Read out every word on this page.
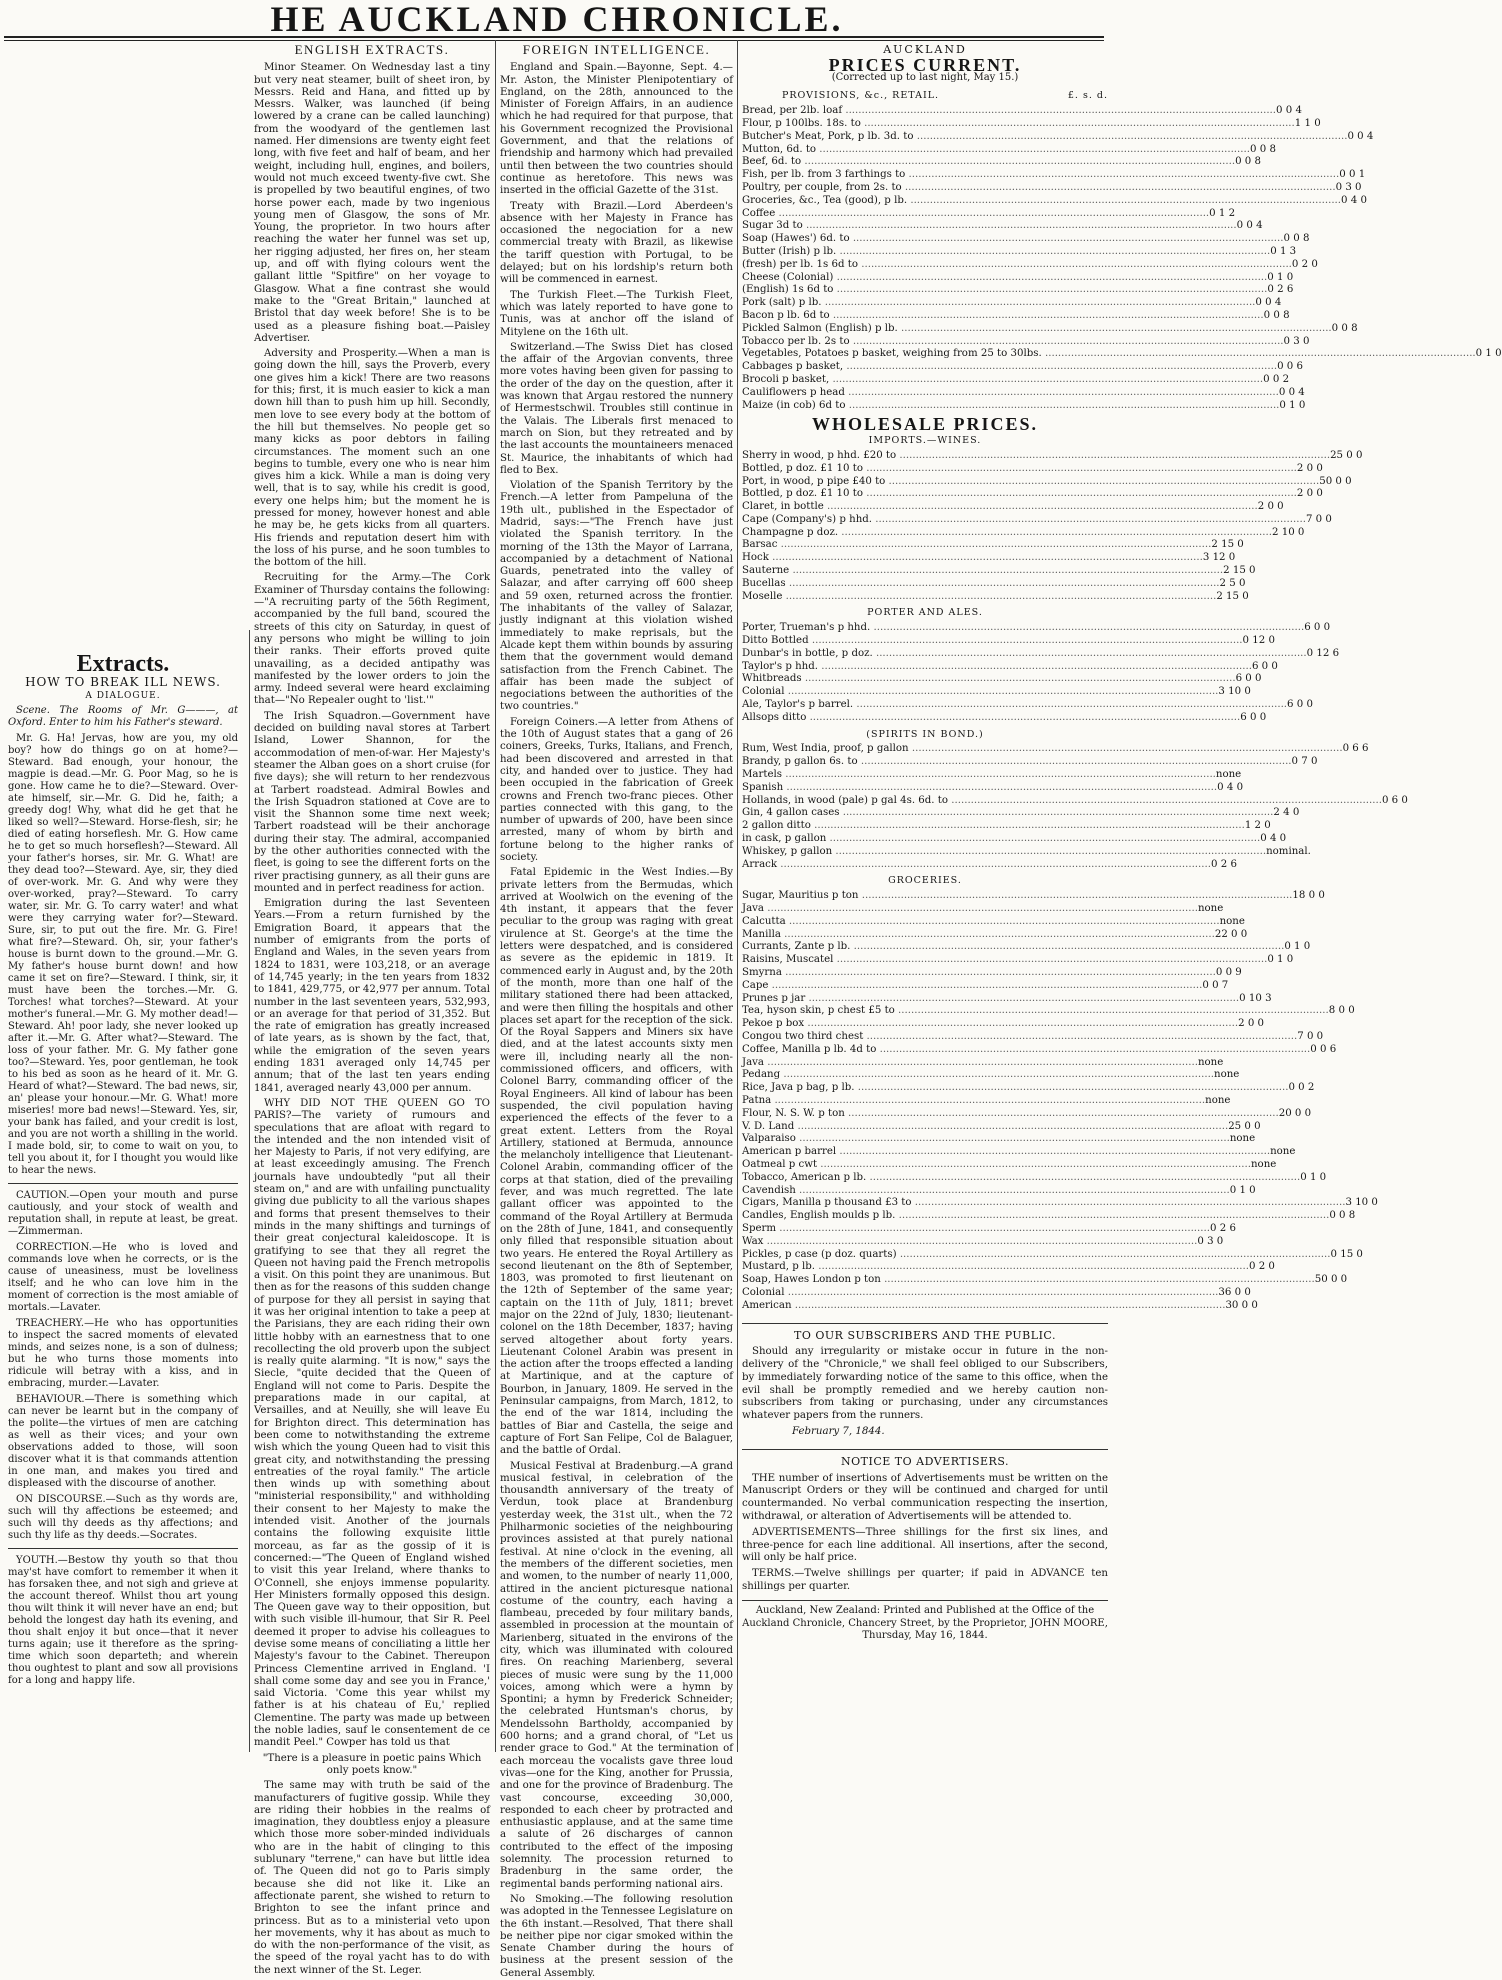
HE AUCKLAND CHRONICLE.
ENGLISH EXTRACTS.

Minor Steamer. On Wednesday last a tiny but very neat steamer, built of sheet iron, by Messrs. Reid and Hana, and fitted up by Messrs. Walker, was launched (if being lowered by a crane can be called launching) from the woodyard of the gentlemen last named. Her dimensions are twenty eight feet long, with five feet and half of beam, and her weight, including hull, engines, and boilers, would not much exceed twenty-five cwt. She is propelled by two beautiful engines, of two horse power each, made by two ingenious young men of Glasgow, the sons of Mr. Young, the proprietor. In two hours after reaching the water her funnel was set up, her rigging adjusted, her fires on, her steam up, and off with flying colours went the gallant little "Spitfire" on her voyage to Glasgow. What a fine contrast she would make to the "Great Britain," launched at Bristol that day week before! She is to be used as a pleasure fishing boat.—Paisley Advertiser.

Adversity and Prosperity.—When a man is going down the hill, says the Proverb, every one gives him a kick! There are two reasons for this; first, it is much easier to kick a man down hill than to push him up hill. Secondly, men love to see every body at the bottom of the hill but themselves. No people get so many kicks as poor debtors in failing circumstances. The moment such an one begins to tumble, every one who is near him gives him a kick. While a man is doing very well, that is to say, while his credit is good, every one helps him; but the moment he is pressed for money, however honest and able he may be, he gets kicks from all quarters. His friends and reputation desert him with the loss of his purse, and he soon tumbles to the bottom of the hill.

Recruiting for the Army.—The Cork Examiner of Thursday contains the following:—"A recruiting party of the 56th Regiment, accompanied by the full band, scoured the streets of this city on Saturday, in quest of any persons who might be willing to join their ranks. Their efforts proved quite unavailing, as a decided antipathy was manifested by the lower orders to join the army. Indeed several were heard exclaiming that—"No Repealer ought to 'list.'"

The Irish Squadron.—Government have decided on building naval stores at Tarbert Island, Lower Shannon, for the accommodation of men-of-war. Her Majesty's steamer the Alban goes on a short cruise (for five days); she will return to her rendezvous at Tarbert roadstead. Admiral Bowles and the Irish Squadron stationed at Cove are to visit the Shannon some time next week; Tarbert roadstead will be their anchorage during their stay. The admiral, accompanied by the other authorities connected with the fleet, is going to see the different forts on the river practising gunnery, as all their guns are mounted and in perfect readiness for action.

Emigration during the last Seventeen Years.—From a return furnished by the Emigration Board, it appears that the number of emigrants from the ports of England and Wales, in the seven years from 1824 to 1831, were 103,218, or an average of 14,745 yearly; in the ten years from 1832 to 1841, 429,775, or 42,977 per annum. Total number in the last seventeen years, 532,993, or an average for that period of 31,352. But the rate of emigration has greatly increased of late years, as is shown by the fact, that, while the emigration of the seven years ending 1831 averaged only 14,745 per annum; that of the last ten years ending 1841, averaged nearly 43,000 per annum.

WHY DID NOT THE QUEEN GO TO PARIS?—The variety of rumours and speculations that are afloat with regard to the intended and the non intended visit of her Majesty to Paris, if not very edifying, are at least exceedingly amusing. The French journals have undoubtedly "put all their steam on," and are with unfailing punctuality giving due publicity to all the various shapes and forms that present themselves to their minds in the many shiftings and turnings of their great conjectural kaleidoscope. It is gratifying to see that they all regret the Queen not having paid the French metropolis a visit. On this point they are unanimous. But then as for the reasons of this sudden change of purpose for they all persist in saying that it was her original intention to take a peep at the Parisians, they are each riding their own little hobby with an earnestness that to one recollecting the old proverb upon the subject is really quite alarming. "It is now," says the Siecle, "quite decided that the Queen of England will not come to Paris. Despite the preparations made in our capital, at Versailles, and at Neuilly, she will leave Eu for Brighton direct. This determination has been come to notwithstanding the extreme wish which the young Queen had to visit this great city, and notwithstanding the pressing entreaties of the royal family." The article then winds up with something about "ministerial responsibility," and withholding their consent to her Majesty to make the intended visit. Another of the journals contains the following exquisite little morceau, as far as the gossip of it is concerned:—"The Queen of England wished to visit this year Ireland, where thanks to O'Connell, she enjoys immense popularity. Her Ministers formally opposed this design. The Queen gave way to their opposition, but with such visible ill-humour, that Sir R. Peel deemed it proper to advise his colleagues to devise some means of conciliating a little her Majesty's favour to the Cabinet. Thereupon Princess Clementine arrived in England. 'I shall come some day and see you in France,' said Victoria. 'Come this year whilst my father is at his chateau of Eu,' replied Clementine. The party was made up between the noble ladies, sauf le consentement de ce mandit Peel." Cowper has told us that

"There is a pleasure in poetic pains Which only poets know."

The same may with truth be said of the manufacturers of fugitive gossip. While they are riding their hobbies in the realms of imagination, they doubtless enjoy a pleasure which those more sober-minded individuals who are in the habit of clinging to this sublunary "terrene," can have but little idea of. The Queen did not go to Paris simply because she did not like it. Like an affectionate parent, she wished to return to Brighton to see the infant prince and princess. But as to a ministerial veto upon her movements, why it has about as much to do with the non-performance of the visit, as the speed of the royal yacht has to do with the next winner of the St. Leger.

FOREIGN INTELLIGENCE.

England and Spain.—Bayonne, Sept. 4.—Mr. Aston, the Minister Plenipotentiary of England, on the 28th, announced to the Minister of Foreign Affairs, in an audience which he had required for that purpose, that his Government recognized the Provisional Government, and that the relations of friendship and harmony which had prevailed until then between the two countries should continue as heretofore. This news was inserted in the official Gazette of the 31st.

Treaty with Brazil.—Lord Aberdeen's absence with her Majesty in France has occasioned the negociation for a new commercial treaty with Brazil, as likewise the tariff question with Portugal, to be delayed; but on his lordship's return both will be commenced in earnest.

The Turkish Fleet.—The Turkish Fleet, which was lately reported to have gone to Tunis, was at anchor off the island of Mitylene on the 16th ult.

Switzerland.—The Swiss Diet has closed the affair of the Argovian convents, three more votes having been given for passing to the order of the day on the question, after it was known that Argau restored the nunnery of Hermestschwil. Troubles still continue in the Valais. The Liberals first menaced to march on Sion, but they retreated and by the last accounts the mountaineers menaced St. Maurice, the inhabitants of which had fled to Bex.

Violation of the Spanish Territory by the French.—A letter from Pampeluna of the 19th ult., published in the Espectador of Madrid, says:—"The French have just violated the Spanish territory. In the morning of the 13th the Mayor of Larrana, accompanied by a detachment of National Guards, penetrated into the valley of Salazar, and after carrying off 600 sheep and 59 oxen, returned across the frontier. The inhabitants of the valley of Salazar, justly indignant at this violation wished immediately to make reprisals, but the Alcade kept them within bounds by assuring them that the government would demand satisfaction from the French Cabinet. The affair has been made the subject of negociations between the authorities of the two countries."

Foreign Coiners.—A letter from Athens of the 10th of August states that a gang of 26 coiners, Greeks, Turks, Italians, and French, had been discovered and arrested in that city, and handed over to justice. They had been occupied in the fabrication of Greek crowns and French two-franc pieces. Other parties connected with this gang, to the number of upwards of 200, have been since arrested, many of whom by birth and fortune belong to the higher ranks of society.

Fatal Epidemic in the West Indies.—By private letters from the Bermudas, which arrived at Woolwich on the evening of the 4th instant, it appears that the fever peculiar to the group was raging with great virulence at St. George's at the time the letters were despatched, and is considered as severe as the epidemic in 1819. It commenced early in August and, by the 20th of the month, more than one half of the military stationed there had been attacked, and were then filling the hospitals and other places set apart for the reception of the sick. Of the Royal Sappers and Miners six have died, and at the latest accounts sixty men were ill, including nearly all the non-commissioned officers, and officers, with Colonel Barry, commanding officer of the Royal Engineers. All kind of labour has been suspended, the civil population having experienced the effects of the fever to a great extent. Letters from the Royal Artillery, stationed at Bermuda, announce the melancholy intelligence that Lieutenant-Colonel Arabin, commanding officer of the corps at that station, died of the prevailing fever, and was much regretted. The late gallant officer was appointed to the command of the Royal Artillery at Bermuda on the 28th of June, 1841, and consequently only filled that responsible situation about two years. He entered the Royal Artillery as second lieutenant on the 8th of September, 1803, was promoted to first lieutenant on the 12th of September of the same year; captain on the 11th of July, 1811; brevet major on the 22nd of July, 1830; lieutenant-colonel on the 18th December, 1837; having served altogether about forty years. Lieutenant Colonel Arabin was present in the action after the troops effected a landing at Martinique, and at the capture of Bourbon, in January, 1809. He served in the Peninsular campaigns, from March, 1812, to the end of the war 1814, including the battles of Biar and Castella, the seige and capture of Fort San Felipe, Col de Balaguer, and the battle of Ordal.

Musical Festival at Bradenburg.—A grand musical festival, in celebration of the thousandth anniversary of the treaty of Verdun, took place at Brandenburg yesterday week, the 31st ult., when the 72 Philharmonic societies of the neighbouring provinces assisted at that purely national festival. At nine o'clock in the evening, all the members of the different societies, men and women, to the number of nearly 11,000, attired in the ancient picturesque national costume of the country, each having a flambeau, preceded by four military bands, assembled in procession at the mountain of Marienberg, situated in the environs of the city, which was illuminated with coloured fires. On reaching Marienberg, several pieces of music were sung by the 11,000 voices, among which were a hymn by Spontini; a hymn by Frederick Schneider; the celebrated Huntsman's chorus, by Mendelssohn Bartholdy, accompanied by 600 horns; and a grand choral, of "Let us render grace to God." At the termination of each morceau the vocalists gave three loud vivas—one for the King, another for Prussia, and one for the province of Bradenburg. The vast concourse, exceeding 30,000, responded to each cheer by protracted and enthusiastic applause, and at the same time a salute of 26 discharges of cannon contributed to the effect of the imposing solemnity. The procession returned to Bradenburg in the same order, the regimental bands performing national airs.

No Smoking.—The following resolution was adopted in the Tennessee Legislature on the 6th instant.—Resolved, That there shall be neither pipe nor cigar smoked within the Senate Chamber during the hours of business at the present session of the General Assembly.

Extracts.
HOW TO BREAK ILL NEWS.
A DIALOGUE.

Scene. The Rooms of Mr. G———, at Oxford. Enter to him his Father's steward.

Mr. G. Ha! Jervas, how are you, my old boy? how do things go on at home?—Steward. Bad enough, your honour, the magpie is dead.—Mr. G. Poor Mag, so he is gone. How came he to die?—Steward. Over-ate himself, sir.—Mr. G. Did he, faith; a greedy dog! Why, what did he get that he liked so well?—Steward. Horse-flesh, sir; he died of eating horseflesh. Mr. G. How came he to get so much horseflesh?—Steward. All your father's horses, sir. Mr. G. What! are they dead too?—Steward. Aye, sir, they died of over-work. Mr. G. And why were they over-worked, pray?—Steward. To carry water, sir. Mr. G. To carry water! and what were they carrying water for?—Steward. Sure, sir, to put out the fire. Mr. G. Fire! what fire?—Steward. Oh, sir, your father's house is burnt down to the ground.—Mr. G. My father's house burnt down! and how came it set on fire?—Steward. I think, sir, it must have been the torches.—Mr. G. Torches! what torches?—Steward. At your mother's funeral.—Mr. G. My mother dead!—Steward. Ah! poor lady, she never looked up after it.—Mr. G. After what?—Steward. The loss of your father. Mr. G. My father gone too?—Steward. Yes, poor gentleman, he took to his bed as soon as he heard of it. Mr. G. Heard of what?—Steward. The bad news, sir, an' please your honour.—Mr. G. What! more miseries! more bad news!—Steward. Yes, sir, your bank has failed, and your credit is lost, and you are not worth a shilling in the world. I made bold, sir, to come to wait on you, to tell you about it, for I thought you would like to hear the news.

CAUTION.—Open your mouth and purse cautiously, and your stock of wealth and reputation shall, in repute at least, be great.—Zimmerman.

CORRECTION.—He who is loved and commands love when he corrects, or is the cause of uneasiness, must be loveliness itself; and he who can love him in the moment of correction is the most amiable of mortals.—Lavater.

TREACHERY.—He who has opportunities to inspect the sacred moments of elevated minds, and seizes none, is a son of dulness; but he who turns those moments into ridicule will betray with a kiss, and in embracing, murder.—Lavater.

BEHAVIOUR.—There is something which can never be learnt but in the company of the polite—the virtues of men are catching as well as their vices; and your own observations added to those, will soon discover what it is that commands attention in one man, and makes you tired and displeased with the discourse of another.

ON DISCOURSE.—Such as thy words are, such will thy affections be esteemed; and such will thy deeds as thy affections; and such thy life as thy deeds.—Socrates.

YOUTH.—Bestow thy youth so that thou may'st have comfort to remember it when it has forsaken thee, and not sigh and grieve at the account thereof. Whilst thou art young thou wilt think it will never have an end; but behold the longest day hath its evening, and thou shalt enjoy it but once—that it never turns again; use it therefore as the spring-time which soon departeth; and wherein thou oughtest to plant and sow all provisions for a long and happy life.

AUCKLAND
PRICES CURRENT.
(Corrected up to last night, May 15.)
PROVISIONS, &c., RETAIL.	£. s. d.
Bread, per 2lb. loaf .....	0 0 4
Flour, p 100lbs. 18s. to .....	1 1 0
Butcher's Meat, Pork, p lb. 3d. to .....	0 0 4
Mutton, 6d. to .....	0 0 8
Beef, 6d. to .....	0 0 8
Fish, per lb. from 3 farthings to .....	0 0 1
Poultry, per couple, from 2s. to .....	0 3 0
Groceries, &c., Tea (good), p lb. .....	0 4 0
Coffee .....	0 1 2
Sugar 3d to .....	0 0 4
Soap (Hawes') 6d. to .....	0 0 8
Butter (Irish) p lb. .....	0 1 3
(fresh) per lb. 1s 6d to .....	0 2 0
Cheese (Colonial) .....	0 1 0
(English) 1s 6d to .....	0 2 6
Pork (salt) p lb. .....	0 0 4
Bacon p lb. 6d to .....	0 0 8
Pickled Salmon (English) p lb. .....	0 0 8
Tobacco per lb. 2s to .....	0 3 0
Vegetables, Potatoes p basket, weighing from 25 to 30lbs. .....	0 1 0
Cabbages p basket, .....	0 0 6
Brocoli p basket, .....	0 0 2
Cauliflowers p head .....	0 0 4
Maize (in cob) 6d to .....	0 1 0
WHOLESALE PRICES.
IMPORTS.—WINES.
Sherry in wood, p hhd. £20 to .....	25 0 0
Bottled, p doz. £1 10 to .....	2 0 0
Port, in wood, p pipe £40 to .....	50 0 0
Bottled, p doz. £1 10 to .....	2 0 0
Claret, in bottle .....	2 0 0
Cape (Company's) p hhd. .....	7 0 0
Champagne p doz. .....	2 10 0
Barsac .....	2 15 0
Hock .....	3 12 0
Sauterne .....	2 15 0
Bucellas .....	2 5 0
Moselle .....	2 15 0
PORTER AND ALES.
Porter, Trueman's p hhd. .....	6 0 0
Ditto Bottled .....	0 12 0
Dunbar's in bottle, p doz. .....	0 12 6
Taylor's p hhd. .....	6 0 0
Whitbreads .....	6 0 0
Colonial .....	3 10 0
Ale, Taylor's p barrel. .....	6 0 0
Allsops ditto .....	6 0 0
(SPIRITS IN BOND.)
Rum, West India, proof, p gallon .....	0 6 6
Brandy, p gallon 6s. to .....	0 7 0
Martels .....	none
Spanish .....	0 4 0
Hollands, in wood (pale) p gal 4s. 6d. to .....	0 6 0
Gin, 4 gallon cases .....	2 4 0
2 gallon ditto .....	1 2 0
in cask, p gallon .....	0 4 0
Whiskey, p gallon .....	nominal.
Arrack .....	0 2 6
GROCERIES.
Sugar, Mauritius p ton .....	18 0 0
Java .....	none
Calcutta .....	none
Manilla .....	22 0 0
Currants, Zante p lb. .....	0 1 0
Raisins, Muscatel .....	0 1 0
Smyrna .....	0 0 9
Cape .....	0 0 7
Prunes p jar .....	0 10 3
Tea, hyson skin, p chest £5 to .....	8 0 0
Pekoe p box .....	2 0 0
Congou two third chest .....	7 0 0
Coffee, Manilla p lb. 4d to .....	0 0 6
Java .....	none
Pedang .....	none
Rice, Java p bag, p lb. .....	0 0 2
Patna .....	none
Flour, N. S. W. p ton .....	20 0 0
V. D. Land .....	25 0 0
Valparaiso .....	none
American p barrel .....	none
Oatmeal p cwt .....	none
Tobacco, American p lb. .....	0 1 0
Cavendish .....	0 1 0
Cigars, Manilla p thousand £3 to .....	3 10 0
Candles, English moulds p lb. .....	0 0 8
Sperm .....	0 2 6
Wax .....	0 3 0
Pickles, p case (p doz. quarts) .....	0 15 0
Mustard, p lb. .....	0 2 0
Soap, Hawes London p ton .....	50 0 0
Colonial .....	36 0 0
American .....	30 0 0
TO OUR SUBSCRIBERS AND THE PUBLIC.

Should any irregularity or mistake occur in future in the non-delivery of the "Chronicle," we shall feel obliged to our Subscribers, by immediately forwarding notice of the same to this office, when the evil shall be promptly remedied and we hereby caution non-subscribers from taking or purchasing, under any circumstances whatever papers from the runners.

February 7, 1844.

NOTICE TO ADVERTISERS.

THE number of insertions of Advertisements must be written on the Manuscript Orders or they will be continued and charged for until countermanded. No verbal communication respecting the insertion, withdrawal, or alteration of Advertisements will be attended to.

ADVERTISEMENTS—Three shillings for the first six lines, and three-pence for each line additional. All insertions, after the second, will only be half price.

TERMS.—Twelve shillings per quarter; if paid in ADVANCE ten shillings per quarter.

Auckland, New Zealand: Printed and Published at the Office of the Auckland Chronicle, Chancery Street, by the Proprietor, JOHN MOORE, Thursday, May 16, 1844.
